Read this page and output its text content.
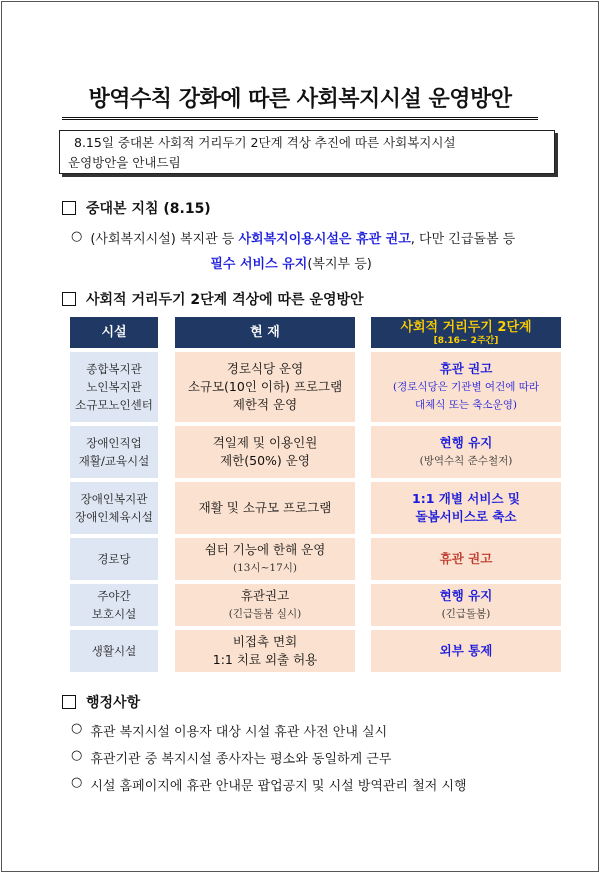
방역수칙 강화에 따른 사회복지시설 운영방안
8.15일 중대본 사회적 거리두기 2단계 격상 추진에 따른 사회복지시설
운영방안을 안내드림
중대본 지침 (8.15)
○ (사회복지시설) 복지관 등 사회복지이용시설은 휴관 권고, 다만 긴급돌봄 등
필수 서비스 유지(복지부 등)
사회적 거리두기 2단계 격상에 따른 운영방안
시설	현 재	사회적 거리두기 2단계
[8.16~ 2주간]
종합복지관
노인복지관
소규모노인센터
경로식당 운영
소규모(10인 이하) 프로그램
제한적 운영
휴관 권고
(경로식당은 기관별 여건에 따라
대체식 또는 축소운영)
장애인직업
재활/교육시설
격일제 및 이용인원
제한(50%) 운영
현행 유지
(방역수칙 준수철저)
장애인복지관
장애인체육시설
재활 및 소규모 프로그램
1:1 개별 서비스 및
돌봄서비스로 축소
경로당
쉼터 기능에 한해 운영
(13시~17시)
휴관 권고
주야간
보호시설
휴관권고
(긴급돌봄 실시)
현행 유지
(긴급돌봄)
생활시설
비접촉 면회
1:1 치료 외출 허용
외부 통제
행정사항
○ 휴관 복지시설 이용자 대상 시설 휴관 사전 안내 실시
○ 휴관기관 중 복지시설 종사자는 평소와 동일하게 근무
○ 시설 홈페이지에 휴관 안내문 팝업공지 및 시설 방역관리 철저 시행
